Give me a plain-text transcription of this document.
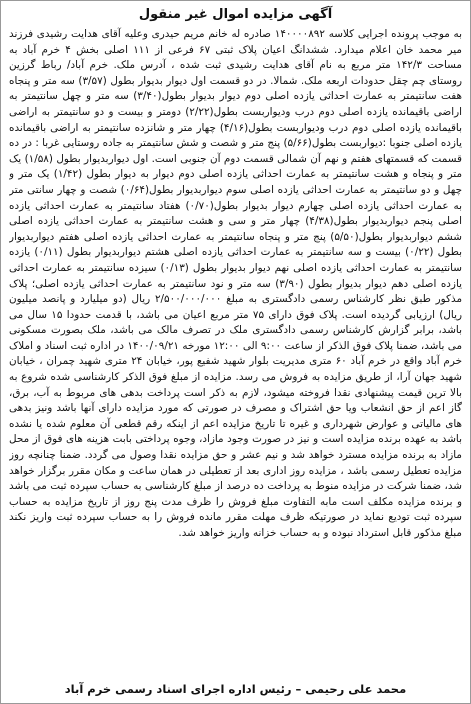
آگهی مزایده اموال غیر منقول

به موجب پرونده اجرایی کلاسه ۱۴۰۰۰۰۸۹۲ صادره له خانم مریم حیدری وعلیه آقای هدایت رشیدی فرزند میر محمد خان اعلام میدارد. ششدانگ اعیان پلاک ثبتی ۶۷ فرعی از ۱۱۱ اصلی بخش ۴ خرم آباد به مساحت ۱۴۲/۳ متر مربع به نام آقای هدایت رشیدی ثبت شده ، آدرس ملک. خرم آباد/ رباط گرزین روستای چم چقل حدودات اربعه ملک. شمالا. در دو قسمت اول دیوار بدیوار بطول (۳/۵۷) سه متر و پنجاه هفت سانتیمتر به عمارت احداثی یازده اصلی دوم دیوار بدیوار بطول(۳/۴۰) سه متر و چهل سانتیمتر به اراضی باقیمانده یازده اصلی دوم درب ودیواربست بطول(۲/۲۲) دومتر و بیست و دو سانتیمتر به اراضی باقیمانده یازده اصلی دوم درب ودیواربست بطول(۴/۱۶) چهار متر و شانزده سانتیمتر به اراضی باقیمانده یازده اصلی جنوبا :دیواربست بطول(۵/۶۶) پنج متر و شصت و شش سانتیمتر به جاده روستایی غربا : در ده قسمت که قسمتهای هفتم و نهم آن شمالی قسمت دوم آن جنوبی است. اول دیواربدیوار بطول (۱/۵۸) یک متر و پنجاه و هشت سانتیمتر به عمارت احداثی یازده اصلی دوم دیوار به دیوار بطول (۱/۴۲) یک متر و چهل و دو سانتیمتر به عمارت احداثی یازده اصلی سوم دیواربدیوار بطول(۰/۶۴) شصت و چهار سانتی متر به عمارت احداثی یازده اصلی چهارم دیوار بدیوار بطول(۰/۷۰) هفتاد سانتیمتر به عمارت احداثی یازده اصلی پنجم دیواربدیوار بطول(۴/۳۸) چهار متر و سی و هشت سانتیمتر به عمارت احداثی یازده اصلی ششم دیواربدیوار بطول(۵/۵۰) پنج متر و پنجاه سانتیمتر به عمارت احداثی یازده اصلی هفتم دیواربدیوار بطول (۰/۲۲) بیست و سه سانتیمتر به عمارت احداثی یازده اصلی هشتم دیواربدیوار بطول (۰/۱۱) یازده سانتیمتر به عمارت احداثی یازده اصلی نهم دیوار بدیوار بطول (۰/۱۳) سیزده سانتیمتر به عمارت احداثی یازده اصلی دهم دیوار بدیوار بطول (۳/۹۰) سه متر و نود سانتیمتر به عمارت احداثی یازده اصلی؛ پلاک مذکور طبق نظر کارشناس رسمی دادگستری به مبلغ ۲/۵۰۰/۰۰۰/۰۰۰ ریال (دو میلیارد و پانصد میلیون ریال) ارزیابی گردیده است. پلاک فوق دارای ۷۵ متر مربع اعیان می باشد، با قدمت حدودا ۱۵ سال می باشد، برابر گزارش کارشناس رسمی دادگستری ملک در تصرف مالک می باشد، ملک بصورت مسکونی می باشد، ضمنا پلاک فوق الذکر از ساعت ۹:۰۰ الی ۱۲:۰۰ مورخه ۱۴۰۰/۰۹/۲۱ در اداره ثبت اسناد و املاک خرم آباد واقع در خرم آباد ۶۰ متری مدیریت بلوار شهید شفیع پور، خیابان ۲۴ متری شهید چمران ، خیابان شهید جهان آرا، از طریق مزایده به فروش می رسد. مزایده از مبلغ فوق الذکر کارشناسی شده شروع به بالا ترین قیمت پیشنهادی نقدا فروخته میشود، لازم به ذکر است پرداخت بدهی های مربوط به آب، برق، گاز اعم از حق انشعاب ویا حق اشتراک و مصرف در صورتی که مورد مزایده دارای آنها باشد ونیز بدهی های مالیاتی و عوارض شهرداری و غیره تا تاریخ مزایده اعم از اینکه رقم قطعی آن معلوم شده یا نشده باشد به عهده برنده مزایده است و نیز در صورت وجود مازاد، وجوه پرداختی بابت هزینه های فوق از محل مازاد به برنده مزایده مسترد خواهد شد و نیم عشر و حق مزایده نقدا وصول می گردد. ضمنا چنانچه روز مزایده تعطیل رسمی باشد ، مزایده روز اداری بعد از تعطیلی در همان ساعت و مکان مقرر برگزار خواهد شد، ضمنا شرکت در مزایده منوط به پرداخت ده درصد از مبلغ کارشناسی به حساب سپرده ثبت می باشد و برنده مزایده مکلف است مابه التفاوت مبلغ فروش را ظرف مدت پنج روز از تاریخ مزایده به حساب سپرده ثبت تودیع نماید در صورتیکه ظرف مهلت مقرر مانده فروش را به حساب سپرده ثبت واریز نکند مبلغ مذکور قابل استرداد نبوده و به حساب خزانه واریز خواهد شد.

محمد علی رحیمی – رئیس اداره اجرای اسناد رسمی خرم آباد
